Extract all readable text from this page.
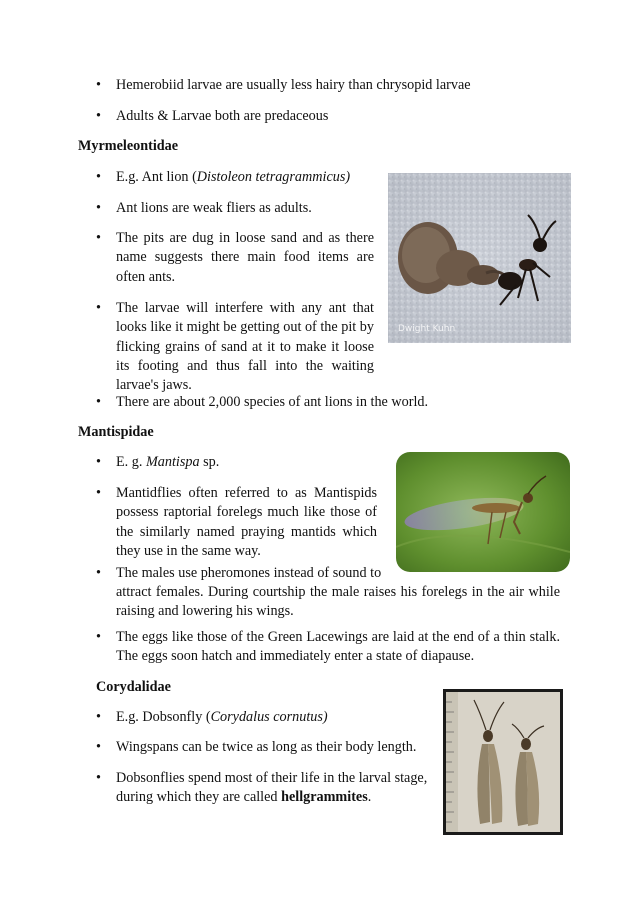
• Hemerobiid larvae are usually less hairy than chrysopid larvae
• Adults & Larvae both are predaceous
Myrmeleontidae
• E.g. Ant lion (Distoleon tetragrammicus)
• Ant lions are weak fliers as adults.
• The pits are dug in loose sand and as there name suggests there main food items are often ants.
• The larvae will interfere with any ant that looks like it might be getting out of the pit by flicking grains of sand at it to make it loose its footing and thus fall into the waiting larvae's jaws.
Dwight Kuhn
• There are about 2,000 species of ant lions in the world.
Mantispidae
• E. g. Mantispa sp.
• Mantidflies often referred to as Mantispids possess raptorial forelegs much like those of the similarly named praying mantids which they use in the same way.
• The males use pheromones instead of sound to
attract females. During courtship the male raises his forelegs in the air while raising and lowering his wings.
• The eggs like those of the Green Lacewings are laid at the end of a thin stalk. The eggs soon hatch and immediately enter a state of diapause.
Corydalidae
• E.g. Dobsonfly (Corydalus cornutus)
• Wingspans can be twice as long as their body length.
• Dobsonflies spend most of their life in the larval stage, during which they are called hellgrammites.
